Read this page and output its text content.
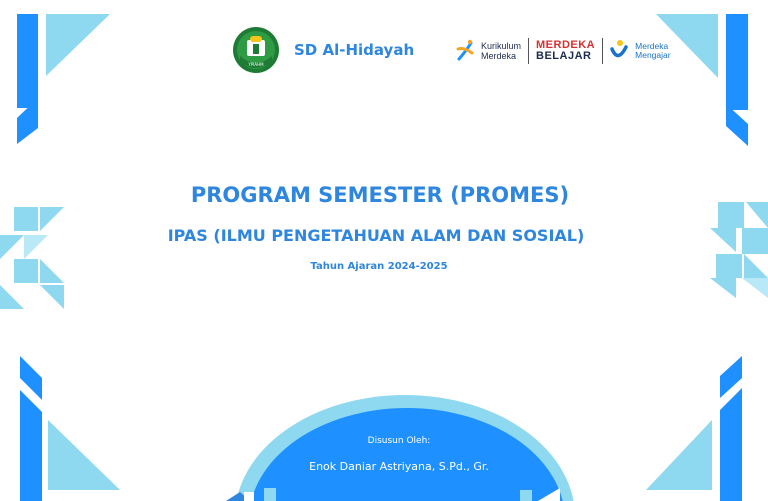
YPIAHM
SD Al-Hidayah	Kurikulum
Merdeka
MERDEKA
BELAJAR
Merdeka
Mengajar
PROGRAM SEMESTER (PROMES)
IPAS (ILMU PENGETAHUAN ALAM DAN SOSIAL)

Tahun Ajaran 2024-2025

Disusun Oleh:

Enok Daniar Astriyana, S.Pd., Gr.
